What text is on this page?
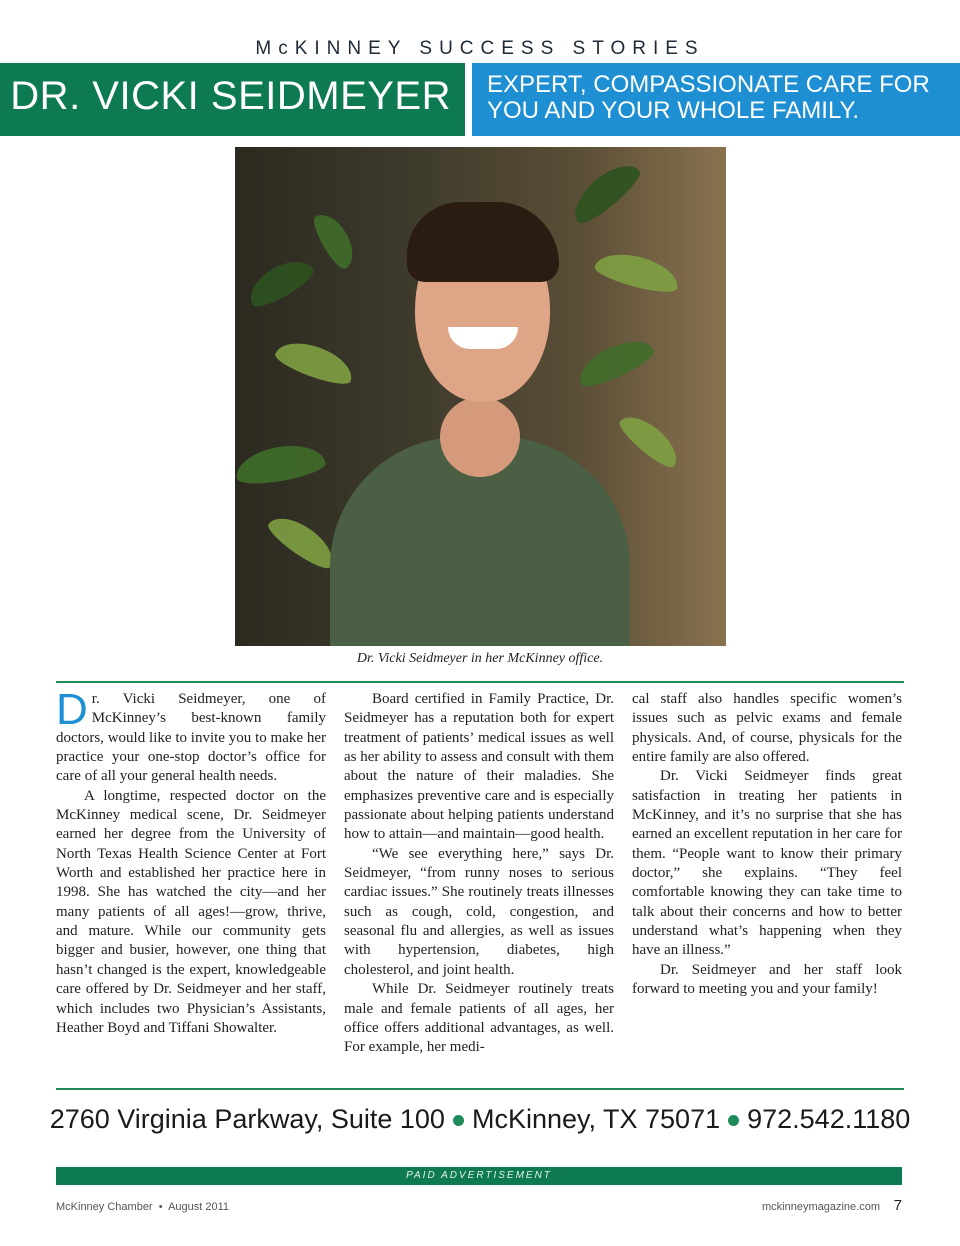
McKINNEY SUCCESS STORIES
DR. VICKI SEIDMEYER	EXPERT, COMPASSIONATE CARE FOR
YOU AND YOUR WHOLE FAMILY.
Dr. Vicki Seidmeyer in her McKinney office.

Dr. Vicki Seidmeyer, one of McKinney’s best-known family doctors, would like to invite you to make her practice your one-stop doctor’s office for care of all your general health needs.

A longtime, respected doctor on the McKinney medical scene, Dr. Seidmeyer earned her degree from the University of North Texas Health Science Center at Fort Worth and established her practice here in 1998. She has watched the city—and her many patients of all ages!—grow, thrive, and mature. While our community gets bigger and busier, however, one thing that hasn’t changed is the expert, knowledgeable care offered by Dr. Seidmeyer and her staff, which includes two Physician’s Assistants, Heather Boyd and Tiffani Showalter.

Board certified in Family Practice, Dr. Seidmeyer has a reputation both for expert treatment of patients’ medical issues as well as her ability to assess and consult with them about the nature of their maladies. She emphasizes preventive care and is especially passionate about helping patients understand how to attain—and maintain—good health.

“We see everything here,” says Dr. Seidmeyer, “from runny noses to serious cardiac issues.” She routinely treats illnesses such as cough, cold, congestion, and seasonal flu and allergies, as well as issues with hypertension, diabetes, high cholesterol, and joint health.

While Dr. Seidmeyer routinely treats male and female patients of all ages, her office offers additional advantages, as well. For example, her medi-

cal staff also handles specific women’s issues such as pelvic exams and female physicals. And, of course, physicals for the entire family are also offered.

Dr. Vicki Seidmeyer finds great satisfaction in treating her patients in McKinney, and it’s no surprise that she has earned an excellent reputation in her care for them. “People want to know their primary doctor,” she explains. “They feel comfortable knowing they can take time to talk about their concerns and how to better understand what’s happening when they have an illness.”

Dr. Seidmeyer and her staff look forward to meeting you and your family!

2760 Virginia Parkway, Suite 100 McKinney, TX 75071 972.542.1180
PAID ADVERTISEMENT
McKinney Chamber • August 2011	mckinneymagazine.com 7
